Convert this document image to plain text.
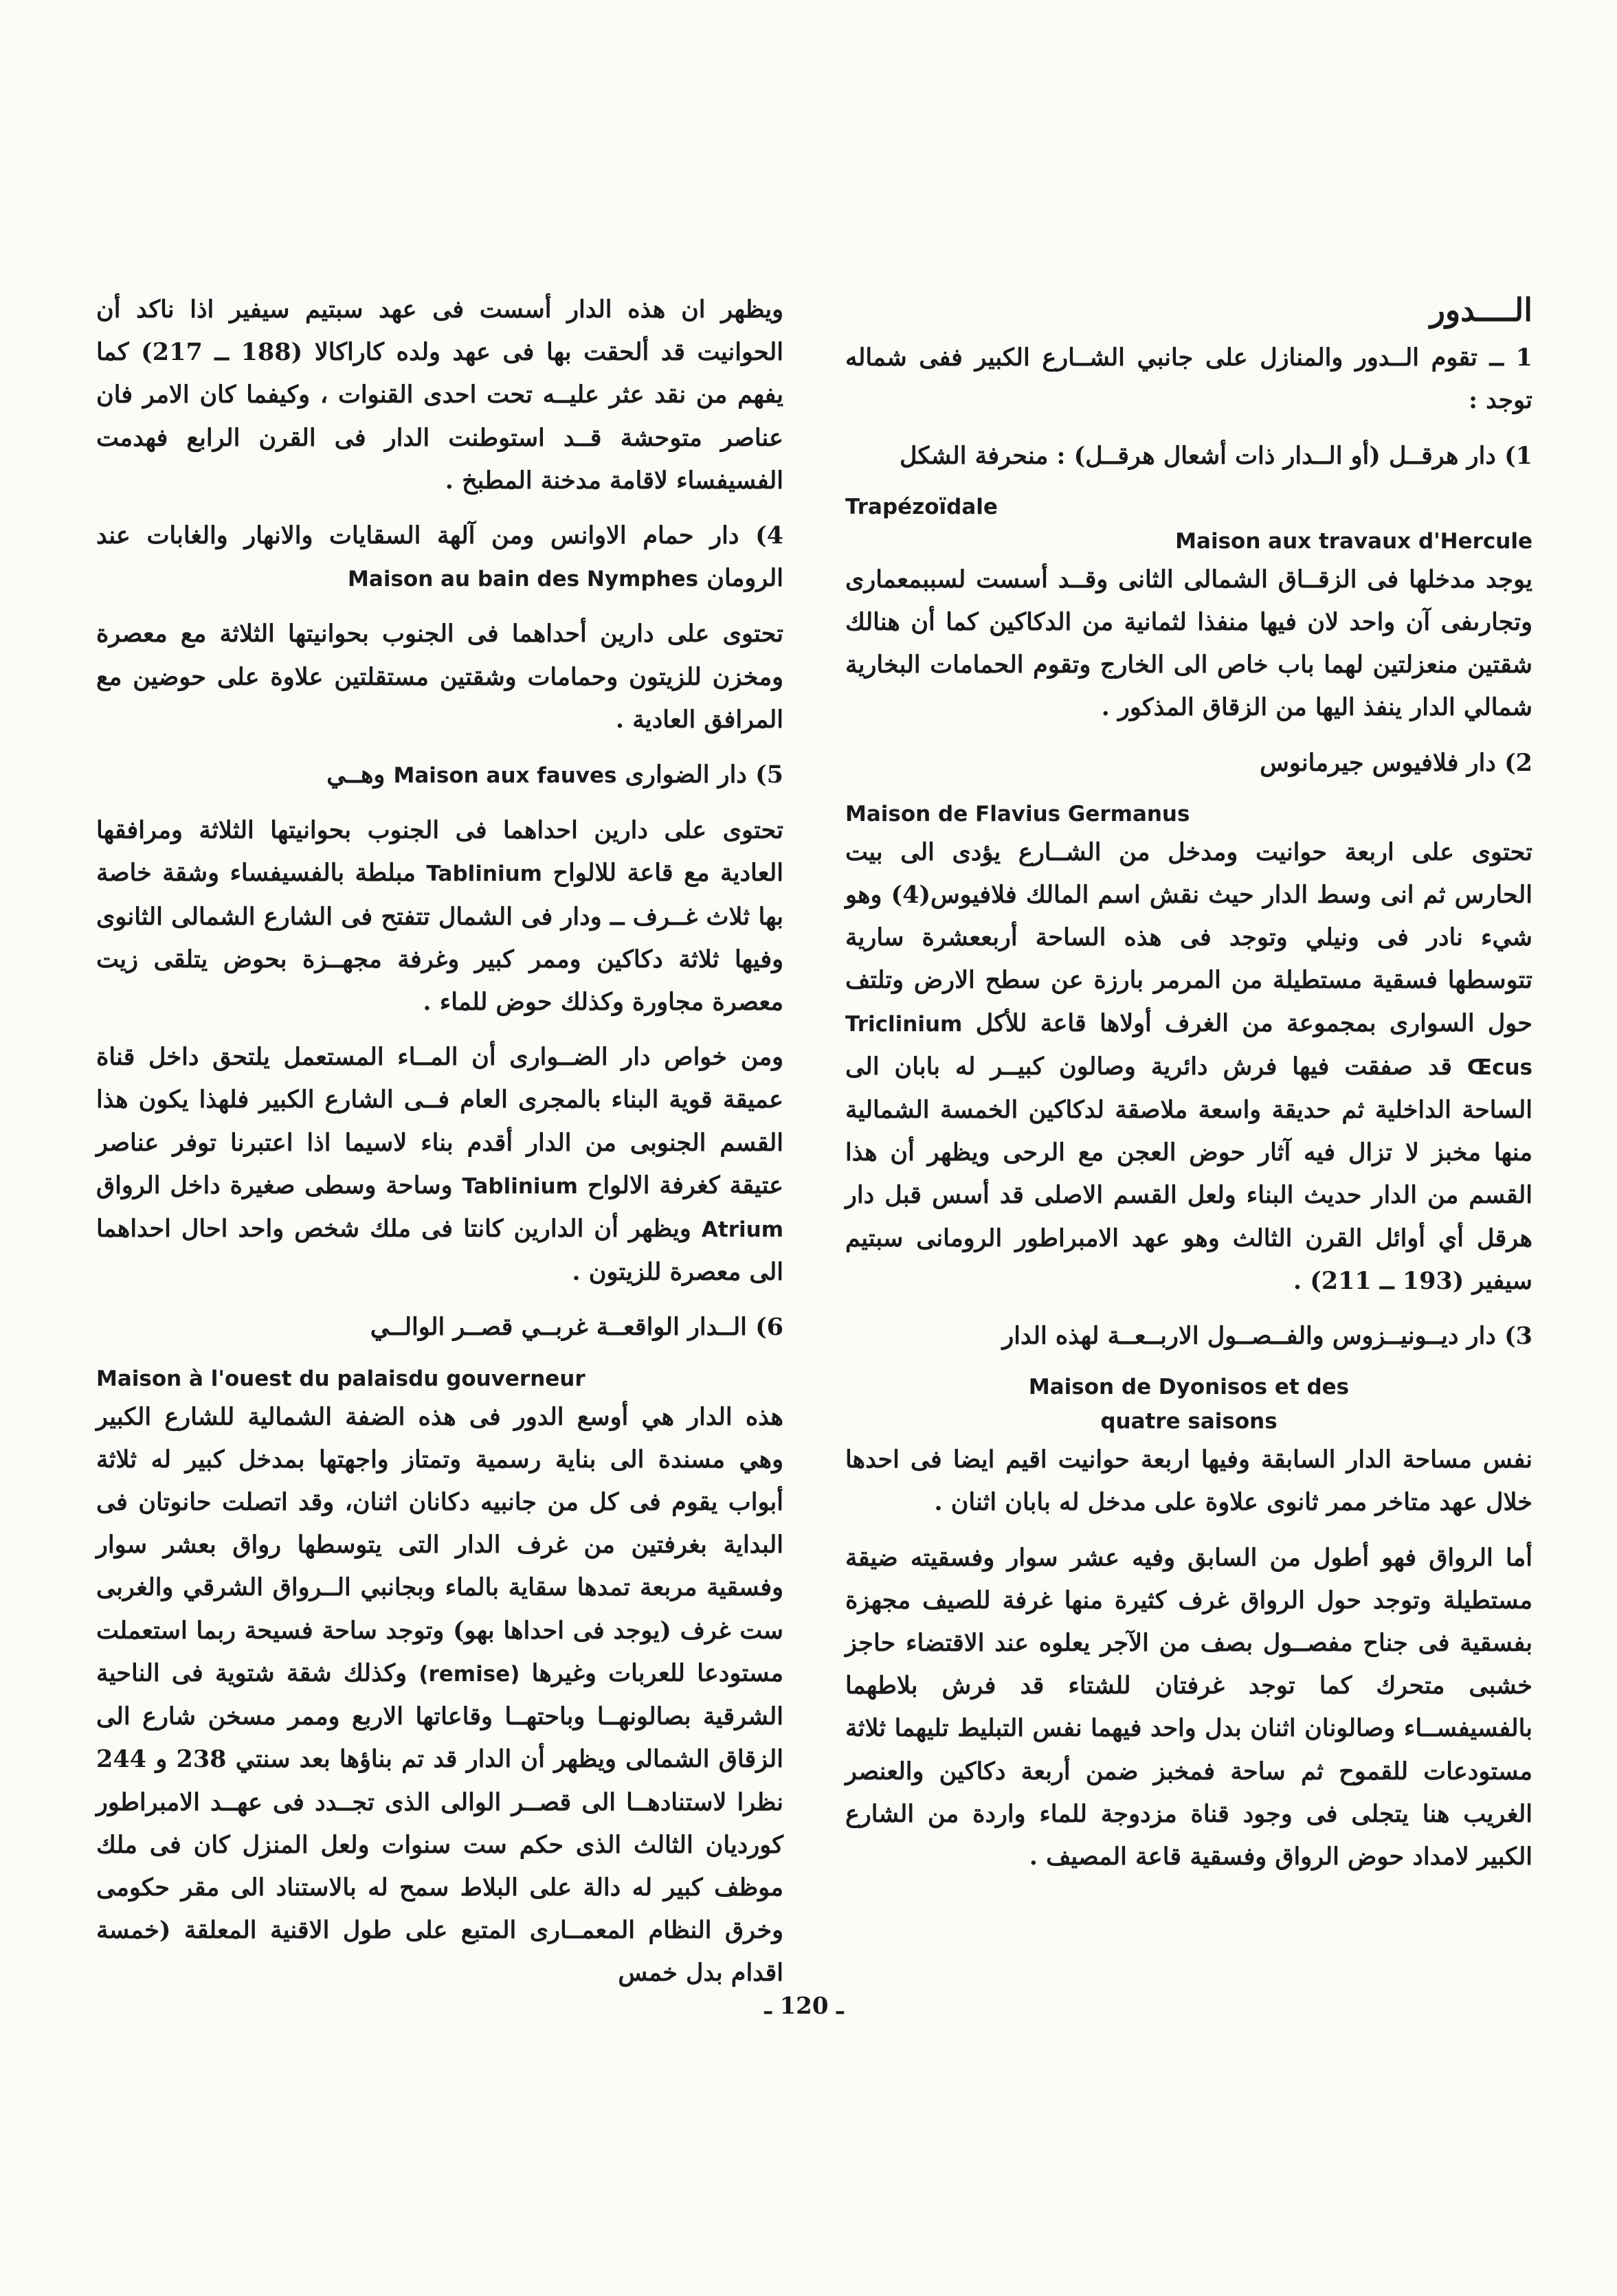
الــــدور

1 ــ تقوم الــدور والمنازل على جانبي الشــارع الكبير ففى شماله توجد :

1) دار هرقــل (أو الــدار ذات أشعال هرقــل) : منحرفة الشكل

Trapézoïdale
Maison aux travaux d'Hercule

يوجد مدخلها فى الزقــاق الشمالى الثانى وقــد أسست لسببمعمارى وتجارىفى آن واحد لان فيها منفذا لثمانية من الدكاكين كما أن هنالك شقتين منعزلتين لهما باب خاص الى الخارج وتقوم الحمامات البخارية شمالي الدار ينفذ اليها من الزقاق المذكور .

2) دار فلافيوس جيرمانوس

Maison de Flavius Germanus

تحتوى على اربعة حوانيت ومدخل من الشــارع يؤدى الى بيت الحارس ثم انى وسط الدار حيث نقش اسم المالك فلافيوس(4) وهو شيء نادر فى ونيلي وتوجد فى هذه الساحة أربععشرة سارية تتوسطها فسقية مستطيلة من المرمر بارزة عن سطح الارض وتلتف حول السوارى بمجموعة من الغرف أولاها قاعة للأكل Triclinium Œcus قد صفقت فيها فرش دائرية وصالون كبيــر له بابان الى الساحة الداخلية ثم حديقة واسعة ملاصقة لدكاكين الخمسة الشمالية منها مخبز لا تزال فيه آثار حوض العجن مع الرحى ويظهر أن هذا القسم من الدار حديث البناء ولعل القسم الاصلى قد أسس قبل دار هرقل أي أوائل القرن الثالث وهو عهد الامبراطور الرومانى سبتيم سيفير (193 ــ 211) .

3) دار ديــونيــزوس والفــصــول الاربــعــة لهذه الدار

Maison de Dyonisos et des
quatre saisons

نفس مساحة الدار السابقة وفيها اربعة حوانيت اقيم ايضا فى احدها خلال عهد متاخر ممر ثانوى علاوة على مدخل له بابان اثنان .

أما الرواق فهو أطول من السابق وفيه عشر سوار وفسقيته ضيقة مستطيلة وتوجد حول الرواق غرف كثيرة منها غرفة للصيف مجهزة بفسقية فى جناح مفصــول بصف من الآجر يعلوه عند الاقتضاء حاجز خشبى متحرك كما توجد غرفتان للشتاء قد فرش بلاطهما بالفسيفســاء وصالونان اثنان بدل واحد فيهما نفس التبليط تليهما ثلاثة مستودعات للقموح ثم ساحة فمخبز ضمن أربعة دكاكين والعنصر الغريب هنا يتجلى فى وجود قناة مزدوجة للماء واردة من الشارع الكبير لامداد حوض الرواق وفسقية قاعة المصيف .

ويظهر ان هذه الدار أسست فى عهد سبتيم سيفير اذا ناكد أن الحوانيت قد ألحقت بها فى عهد ولده كاراكالا (188 ــ 217) كما يفهم من نقد عثر عليــه تحت احدى القنوات ، وكيفما كان الامر فان عناصر متوحشة قــد استوطنت الدار فى القرن الرابع فهدمت الفسيفساء لاقامة مدخنة المطبخ .

4) دار حمام الاوانس ومن آلهة السقايات والانهار والغابات عند الرومان Maison au bain des Nymphes

تحتوى على دارين أحداهما فى الجنوب بحوانيتها الثلاثة مع معصرة ومخزن للزيتون وحمامات وشقتين مستقلتين علاوة على حوضين مع المرافق العادية .

5) دار الضوارى Maison aux fauves وهــي

تحتوى على دارين احداهما فى الجنوب بحوانيتها الثلاثة ومرافقها العادية مع قاعة للالواح Tablinium مبلطة بالفسيفساء وشقة خاصة بها ثلاث غــرف ــ ودار فى الشمال تتفتح فى الشارع الشمالى الثانوى وفيها ثلاثة دكاكين وممر كبير وغرفة مجهــزة بحوض يتلقى زيت معصرة مجاورة وكذلك حوض للماء .

ومن خواص دار الضــوارى أن المــاء المستعمل يلتحق داخل قناة عميقة قوية البناء بالمجرى العام فــى الشارع الكبير فلهذا يكون هذا القسم الجنوبى من الدار أقدم بناء لاسيما اذا اعتبرنا توفر عناصر عتيقة كغرفة الالواح Tablinium وساحة وسطى صغيرة داخل الرواق Atrium ويظهر أن الدارين كانتا فى ملك شخص واحد احال احداهما الى معصرة للزيتون .

6) الــدار الواقعــة غربــي قصــر الوالــي

Maison à l'ouest du palaisdu gouverneur

هذه الدار هي أوسع الدور فى هذه الضفة الشمالية للشارع الكبير وهي مسندة الى بناية رسمية وتمتاز واجهتها بمدخل كبير له ثلاثة أبواب يقوم فى كل من جانبيه دكانان اثنان، وقد اتصلت حانوتان فى البداية بغرفتين من غرف الدار التى يتوسطها رواق بعشر سوار وفسقية مربعة تمدها سقاية بالماء وبجانبي الــرواق الشرقي والغربى ست غرف (يوجد فى احداها بهو) وتوجد ساحة فسيحة ربما استعملت مستودعا للعربات وغيرها (remise) وكذلك شقة شتوية فى الناحية الشرقية بصالونهــا وباحتهــا وقاعاتها الاربع وممر مسخن شارع الى الزقاق الشمالى ويظهر أن الدار قد تم بناؤها بعد سنتي 238 و 244 نظرا لاستنادهــا الى قصــر الوالى الذى تجــدد فى عهــد الامبراطور كورديان الثالث الذى حكم ست سنوات ولعل المنزل كان فى ملك موظف كبير له دالة على البلاط سمح له بالاستناد الى مقر حكومى وخرق النظام المعمــارى المتبع على طول الاقنية المعلقة (خمسة اقدام بدل خمس

ـ 120 ـ
